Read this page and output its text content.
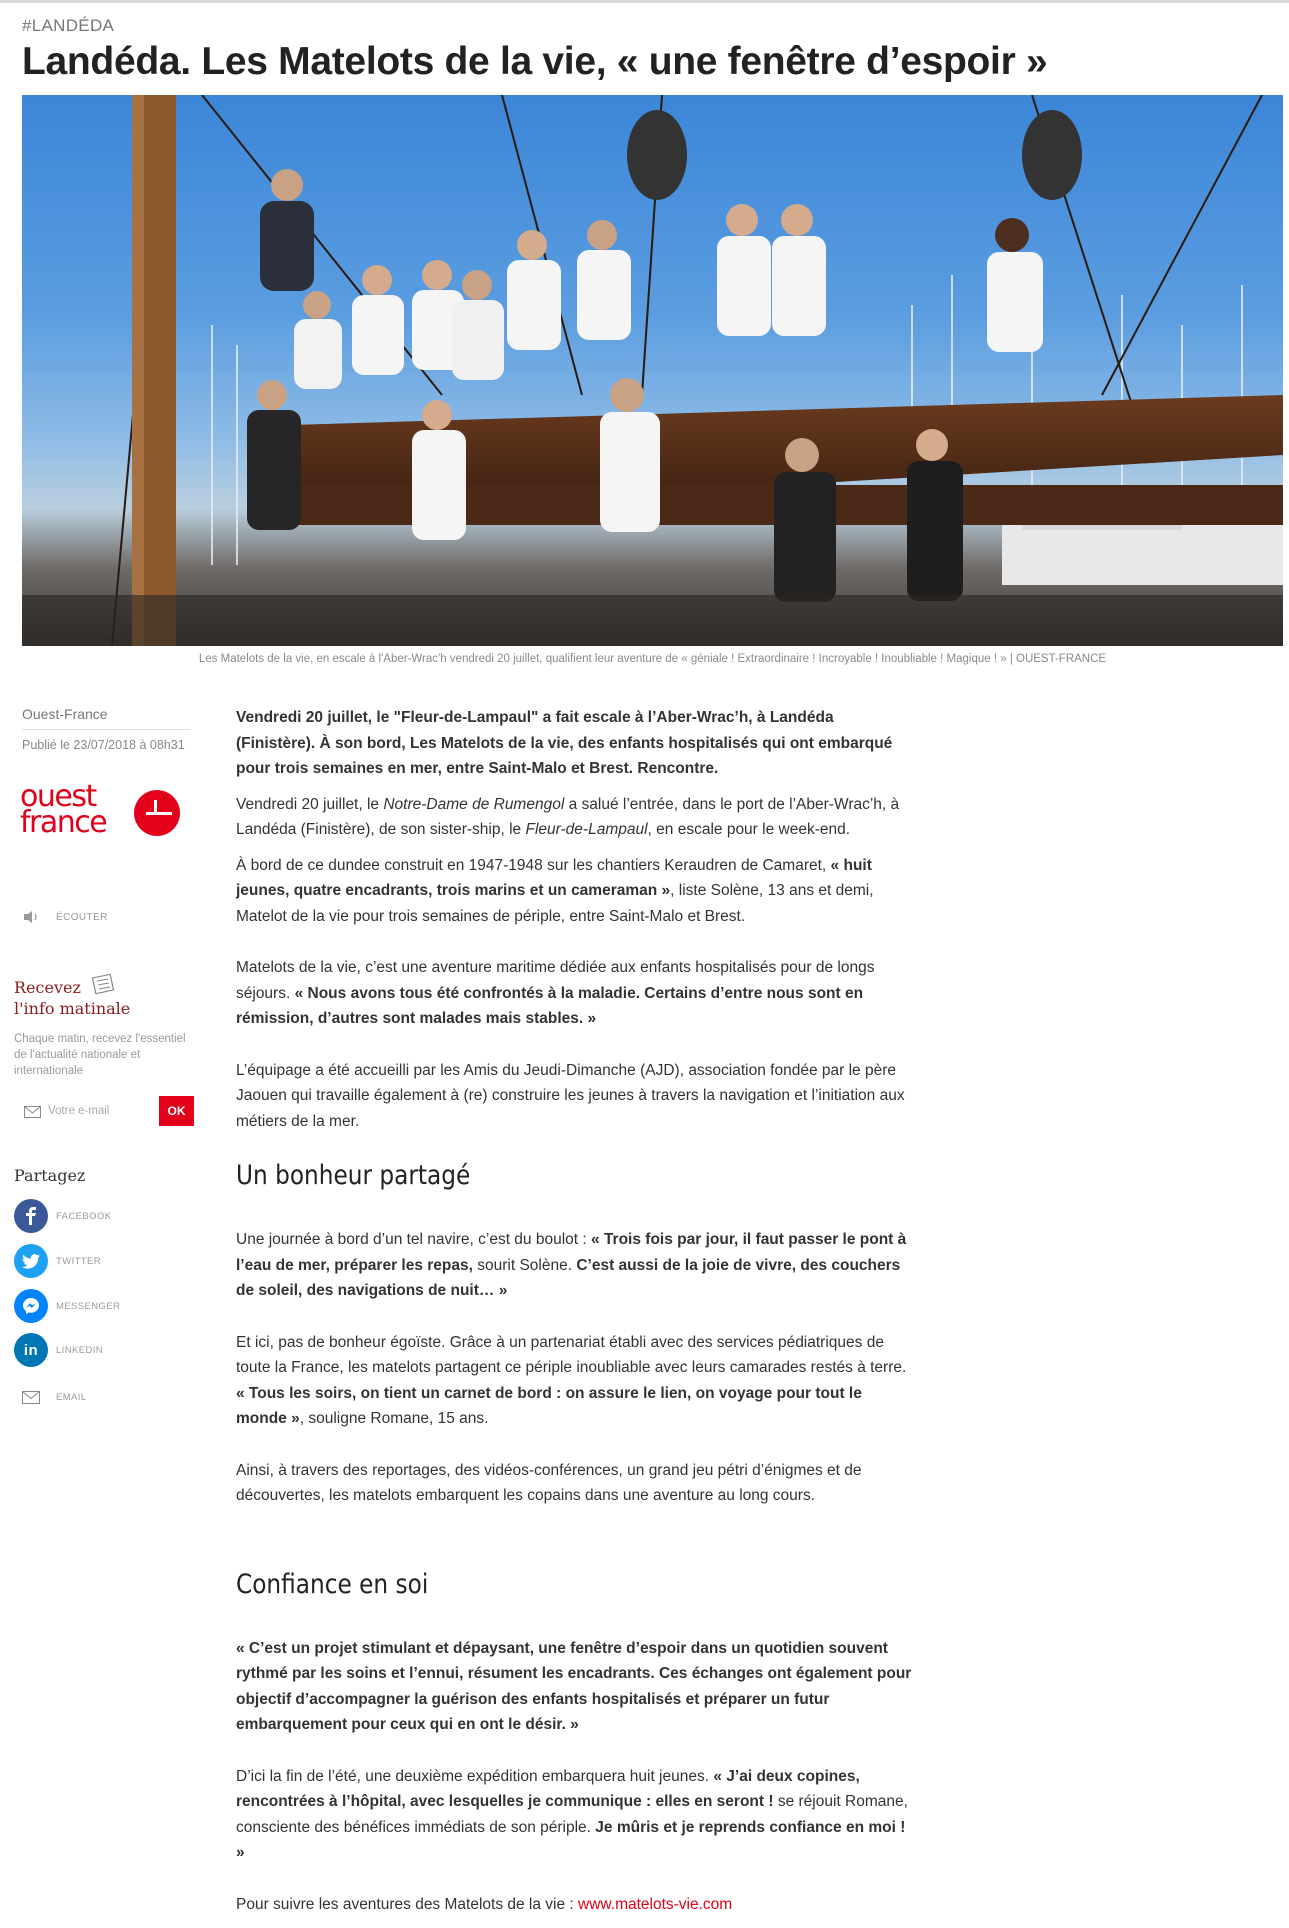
#LANDÉDA
Landéda. Les Matelots de la vie, « une fenêtre d’espoir »
Les Matelots de la vie, en escale à l'Aber-Wrac'h vendredi 20 juillet, qualifient leur aventure de « géniale ! Extraordinaire ! Incroyable ! Inoubliable ! Magique ! » | OUEST-FRANCE
Ouest-France
Publié le 23/07/2018 à 08h31
ouest
france
ÉCOUTER
Recevez
l'info matinale
Chaque matin, recevez l'essentiel de l'actualité nationale et internationale
Votre e-mail
OK
Partagez
FACEBOOK
TWITTER
MESSENGER
in	LINKEDIN
EMAIL

Vendredi 20 juillet, le "Fleur-de-Lampaul" a fait escale à l’Aber-Wrac’h, à Landéda (Finistère). À son bord, Les Matelots de la vie, des enfants hospitalisés qui ont embarqué pour trois semaines en mer, entre Saint-Malo et Brest. Rencontre.

Vendredi 20 juillet, le Notre-Dame de Rumengol a salué l’entrée, dans le port de l’Aber-Wrac’h, à Landéda (Finistère), de son sister-ship, le Fleur-de-Lampaul, en escale pour le week-end.

À bord de ce dundee construit en 1947-1948 sur les chantiers Keraudren de Camaret, « huit jeunes, quatre encadrants, trois marins et un cameraman », liste Solène, 13 ans et demi, Matelot de la vie pour trois semaines de périple, entre Saint-Malo et Brest.

Matelots de la vie, c’est une aventure maritime dédiée aux enfants hospitalisés pour de longs séjours. « Nous avons tous été confrontés à la maladie. Certains d’entre nous sont en rémission, d’autres sont malades mais stables. »

L’équipage a été accueilli par les Amis du Jeudi-Dimanche (AJD), association fondée par le père Jaouen qui travaille également à (re) construire les jeunes à travers la navigation et l’initiation aux métiers de la mer.

Un bonheur partagé

Une journée à bord d’un tel navire, c’est du boulot : « Trois fois par jour, il faut passer le pont à l’eau de mer, préparer les repas, sourit Solène. C’est aussi de la joie de vivre, des couchers de soleil, des navigations de nuit… »

Et ici, pas de bonheur égoïste. Grâce à un partenariat établi avec des services pédiatriques de toute la France, les matelots partagent ce périple inoubliable avec leurs camarades restés à terre. « Tous les soirs, on tient un carnet de bord : on assure le lien, on voyage pour tout le monde », souligne Romane, 15 ans.

Ainsi, à travers des reportages, des vidéos-conférences, un grand jeu pétri d’énigmes et de découvertes, les matelots embarquent les copains dans une aventure au long cours.

Confiance en soi

« C’est un projet stimulant et dépaysant, une fenêtre d’espoir dans un quotidien souvent rythmé par les soins et l’ennui, résument les encadrants. Ces échanges ont également pour objectif d’accompagner la guérison des enfants hospitalisés et préparer un futur embarquement pour ceux qui en ont le désir. »

D’ici la fin de l’été, une deuxième expédition embarquera huit jeunes. « J’ai deux copines, rencontrées à l’hôpital, avec lesquelles je communique : elles en seront ! se réjouit Romane, consciente des bénéfices immédiats de son périple. Je mûris et je reprends confiance en moi ! »

Pour suivre les aventures des Matelots de la vie : www.matelots-vie.com
